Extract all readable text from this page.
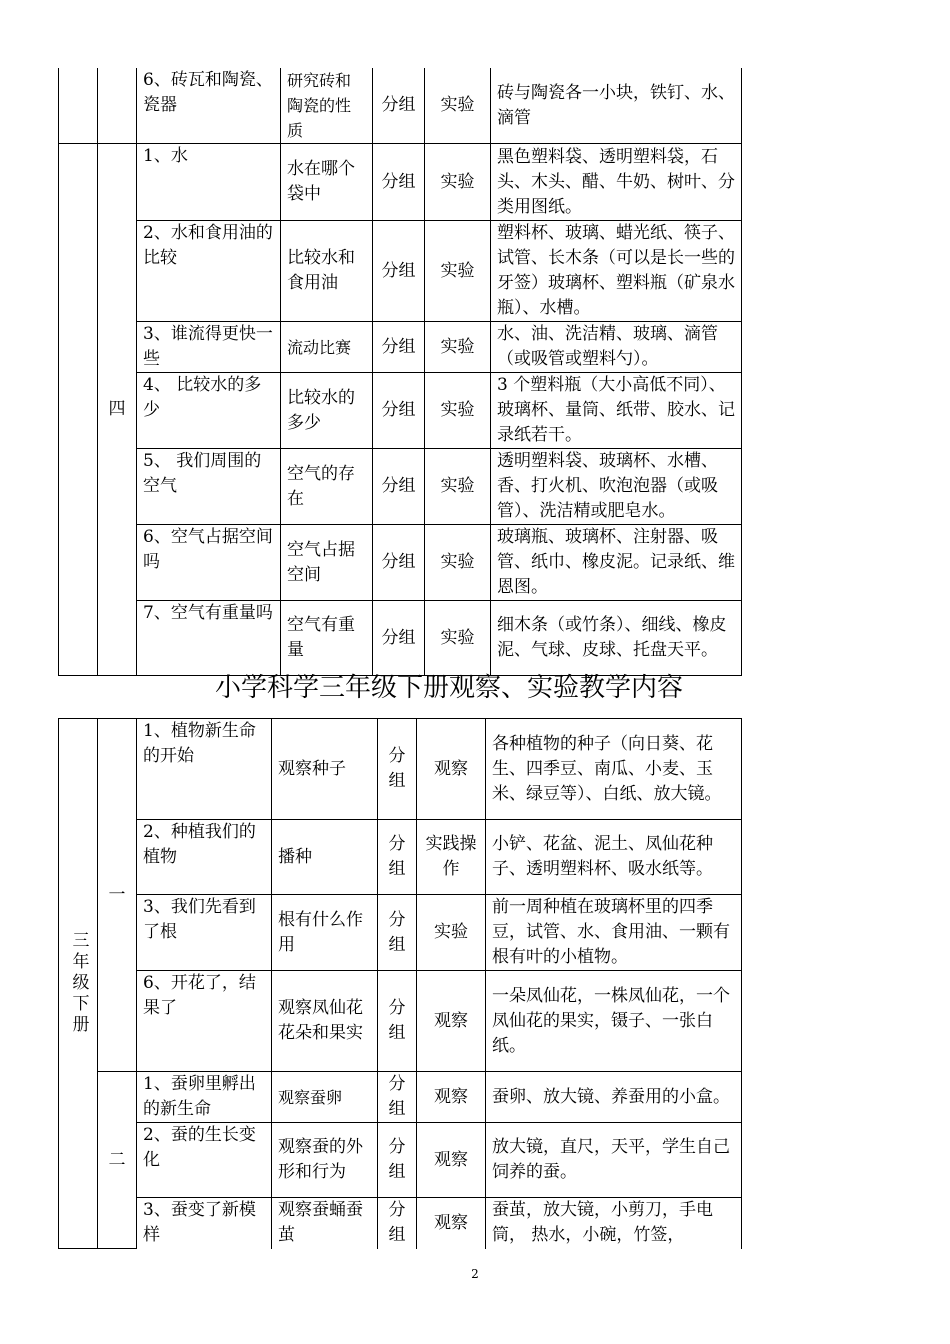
		6、砖瓦和陶瓷、瓷器	研究砖和陶瓷的性质	分组	实验	砖与陶瓷各一小块，铁钉、水、滴管
	四	1、水	水在哪个袋中	分组	实验	黑色塑料袋、透明塑料袋，石头、木头、醋、牛奶、树叶、分类用图纸。
		2、水和食用油的比较	比较水和食用油	分组	实验	塑料杯、玻璃、蜡光纸、筷子、试管、长木条（可以是长一些的牙签）玻璃杯、塑料瓶（矿泉水瓶）、水槽。
		3、谁流得更快一些	流动比赛	分组	实验	水、油、洗洁精、玻璃、滴管（或吸管或塑料勺）。
		4、 比较水的多少	比较水的多少	分组	实验	3 个塑料瓶（大小高低不同）、玻璃杯、量筒、纸带、胶水、记录纸若干。
		5、 我们周围的空气	空气的存在	分组	实验	透明塑料袋、玻璃杯、水槽、香、打火机、吹泡泡器（或吸管）、洗洁精或肥皂水。
		6、空气占据空间吗	空气占据空间	分组	实验	玻璃瓶、玻璃杯、注射器、吸管、纸巾、橡皮泥。记录纸、维恩图。
		7、空气有重量吗	空气有重量	分组	实验	细木条（或竹条）、细线、橡皮泥、气球、皮球、托盘天平。
小学科学三年级下册观察、实验教学内容
三年级下册	一	1、植物新生命的开始	观察种子	分组	观察	各种植物的种子（向日葵、花生、四季豆、南瓜、小麦、玉米、绿豆等）、白纸、放大镜。
		2、种植我们的植物	播种	分组	实践操作	小铲、花盆、泥土、凤仙花种子、透明塑料杯、吸水纸等。
		3、我们先看到了根	根有什么作用	分组	实验	前一周种植在玻璃杯里的四季豆，试管、水、食用油、一颗有根有叶的小植物。
		6、开花了，结果了	观察凤仙花花朵和果实	分组	观察	一朵凤仙花，一株凤仙花，一个凤仙花的果实，镊子、一张白纸。
	二	1、蚕卵里孵出的新生命	观察蚕卵	分组	观察	蚕卵、放大镜、养蚕用的小盒。
		2、蚕的生长变化	观察蚕的外形和行为	分组	观察	放大镜，直尺，天平，学生自己饲养的蚕。
		3、蚕变了新模样	观察蚕蛹蚕茧	分组	观察	蚕茧，放大镜，小剪刀，手电筒， 热水，小碗，竹签，
2
